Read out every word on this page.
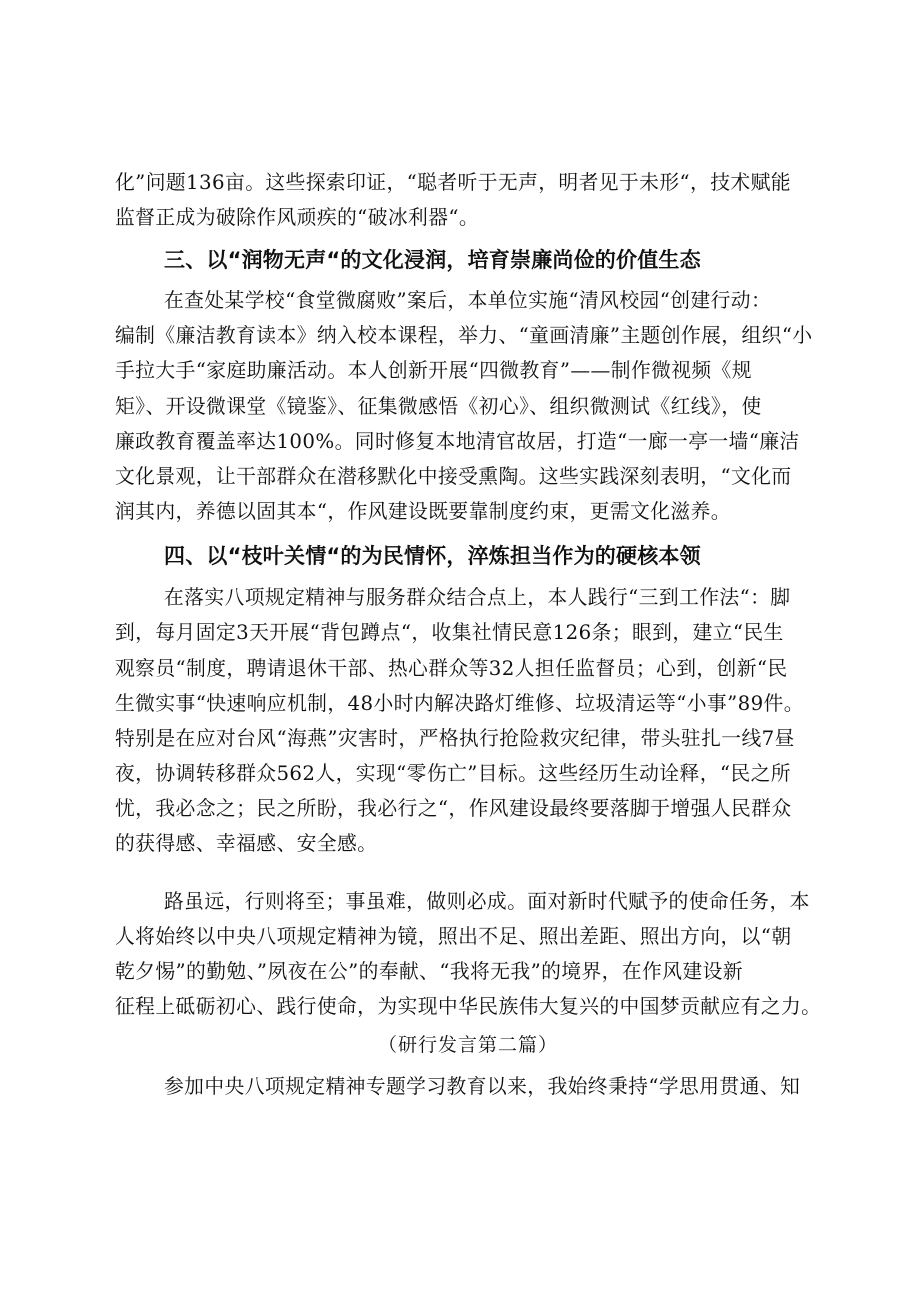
化”问题136亩。这些探索印证，“聪者听于无声，明者见于未形“，技术赋能
监督正成为破除作风顽疾的“破冰利器“。
三、以“润物无声“的文化浸润，培育崇廉尚俭的价值生态
在查处某学校“食堂微腐败”案后，本单位实施“清风校园“创建行动：
编制《廉洁教育读本》纳入校本课程，举力、“童画清廉”主题创作展，组织“小
手拉大手“家庭助廉活动。本人创新开展“四微教育”——制作微视频《规
矩》、开设微课堂《镜鉴》、征集微感悟《初心》、组织微测试《红线》，使
廉政教育覆盖率达100%。同时修复本地清官故居，打造“一廊一亭一墙“廉洁
文化景观，让干部群众在潜移默化中接受熏陶。这些实践深刻表明，“文化而
润其内，养德以固其本“，作风建设既要靠制度约束，更需文化滋养。
四、以“枝叶关情“的为民情怀，淬炼担当作为的硬核本领
在落实八项规定精神与服务群众结合点上，本人践行“三到工作法“：脚
到，每月固定3天开展“背包蹲点“，收集社情民意126条；眼到，建立“民生
观察员“制度，聘请退休干部、热心群众等32人担任监督员；心到，创新“民
生微实事“快速响应机制，48小时内解决路灯维修、垃圾清运等“小事”89件。
特别是在应对台风“海燕”灾害时，严格执行抢险救灾纪律，带头驻扎一线7昼
夜，协调转移群众562人，实现“零伤亡”目标。这些经历生动诠释，“民之所
忧，我必念之；民之所盼，我必行之“，作风建设最终要落脚于增强人民群众
的获得感、幸福感、安全感。
路虽远，行则将至；事虽难，做则必成。面对新时代赋予的使命任务，本
人将始终以中央八项规定精神为镜，照出不足、照出差距、照出方向，以“朝
乾夕惕”的勤勉、”夙夜在公”的奉献、“我将无我”的境界，在作风建设新
征程上砥砺初心、践行使命，为实现中华民族伟大复兴的中国梦贡献应有之力。
（研行发言第二篇）
参加中央八项规定精神专题学习教育以来，我始终秉持“学思用贯通、知
